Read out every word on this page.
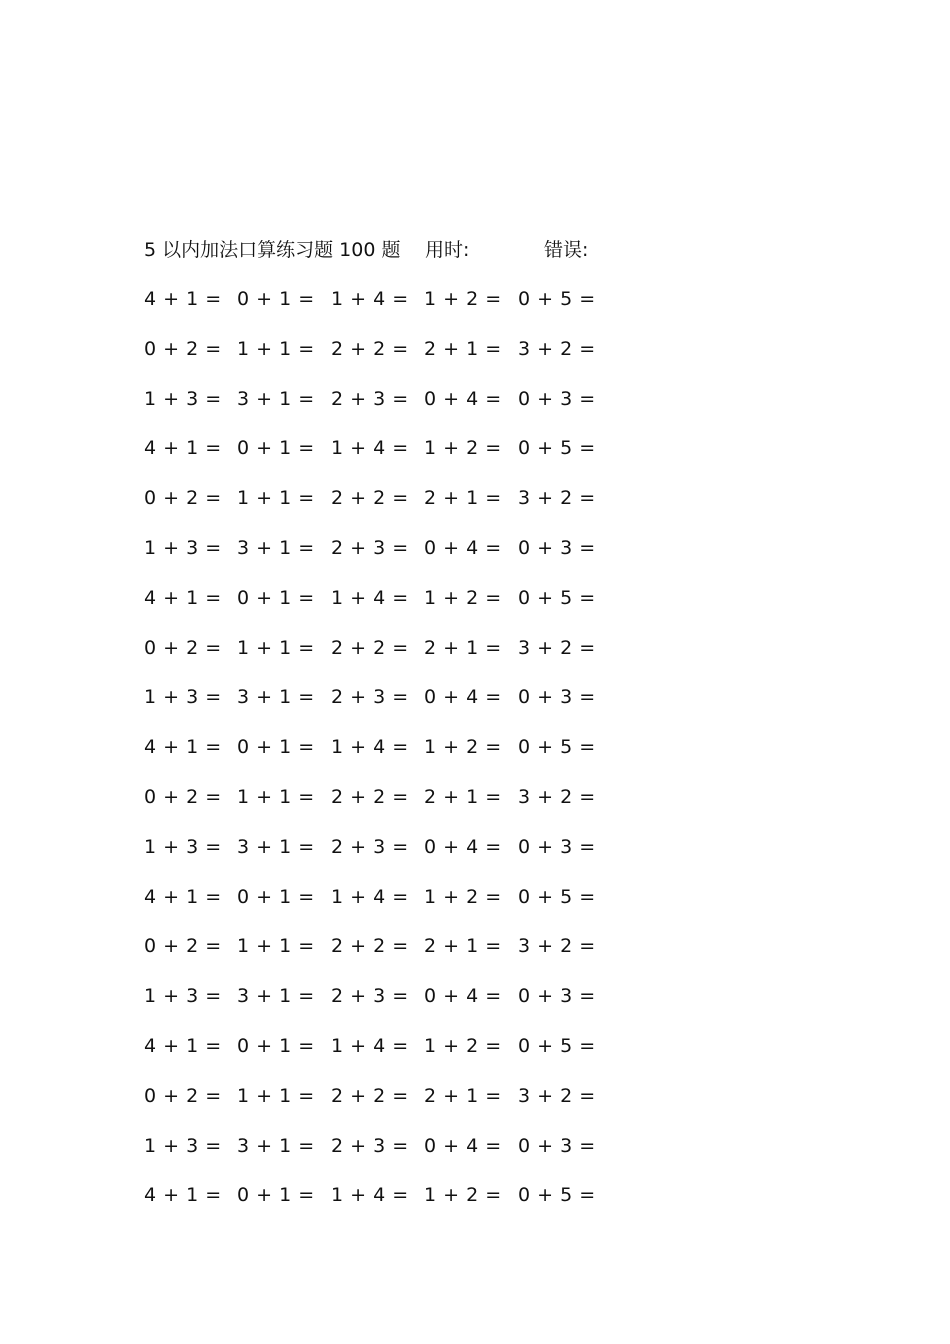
5 以内加法口算练习题 100 题 用时:	错误:
4 + 1 = 0 + 1 = 1 + 4 = 1 + 2 = 0 + 5 =
0 + 2 = 1 + 1 = 2 + 2 = 2 + 1 = 3 + 2 =
1 + 3 = 3 + 1 = 2 + 3 = 0 + 4 = 0 + 3 =
4 + 1 = 0 + 1 = 1 + 4 = 1 + 2 = 0 + 5 =
0 + 2 = 1 + 1 = 2 + 2 = 2 + 1 = 3 + 2 =
1 + 3 = 3 + 1 = 2 + 3 = 0 + 4 = 0 + 3 =
4 + 1 = 0 + 1 = 1 + 4 = 1 + 2 = 0 + 5 =
0 + 2 = 1 + 1 = 2 + 2 = 2 + 1 = 3 + 2 =
1 + 3 = 3 + 1 = 2 + 3 = 0 + 4 = 0 + 3 =
4 + 1 = 0 + 1 = 1 + 4 = 1 + 2 = 0 + 5 =
0 + 2 = 1 + 1 = 2 + 2 = 2 + 1 = 3 + 2 =
1 + 3 = 3 + 1 = 2 + 3 = 0 + 4 = 0 + 3 =
4 + 1 = 0 + 1 = 1 + 4 = 1 + 2 = 0 + 5 =
0 + 2 = 1 + 1 = 2 + 2 = 2 + 1 = 3 + 2 =
1 + 3 = 3 + 1 = 2 + 3 = 0 + 4 = 0 + 3 =
4 + 1 = 0 + 1 = 1 + 4 = 1 + 2 = 0 + 5 =
0 + 2 = 1 + 1 = 2 + 2 = 2 + 1 = 3 + 2 =
1 + 3 = 3 + 1 = 2 + 3 = 0 + 4 = 0 + 3 =
4 + 1 = 0 + 1 = 1 + 4 = 1 + 2 = 0 + 5 =
